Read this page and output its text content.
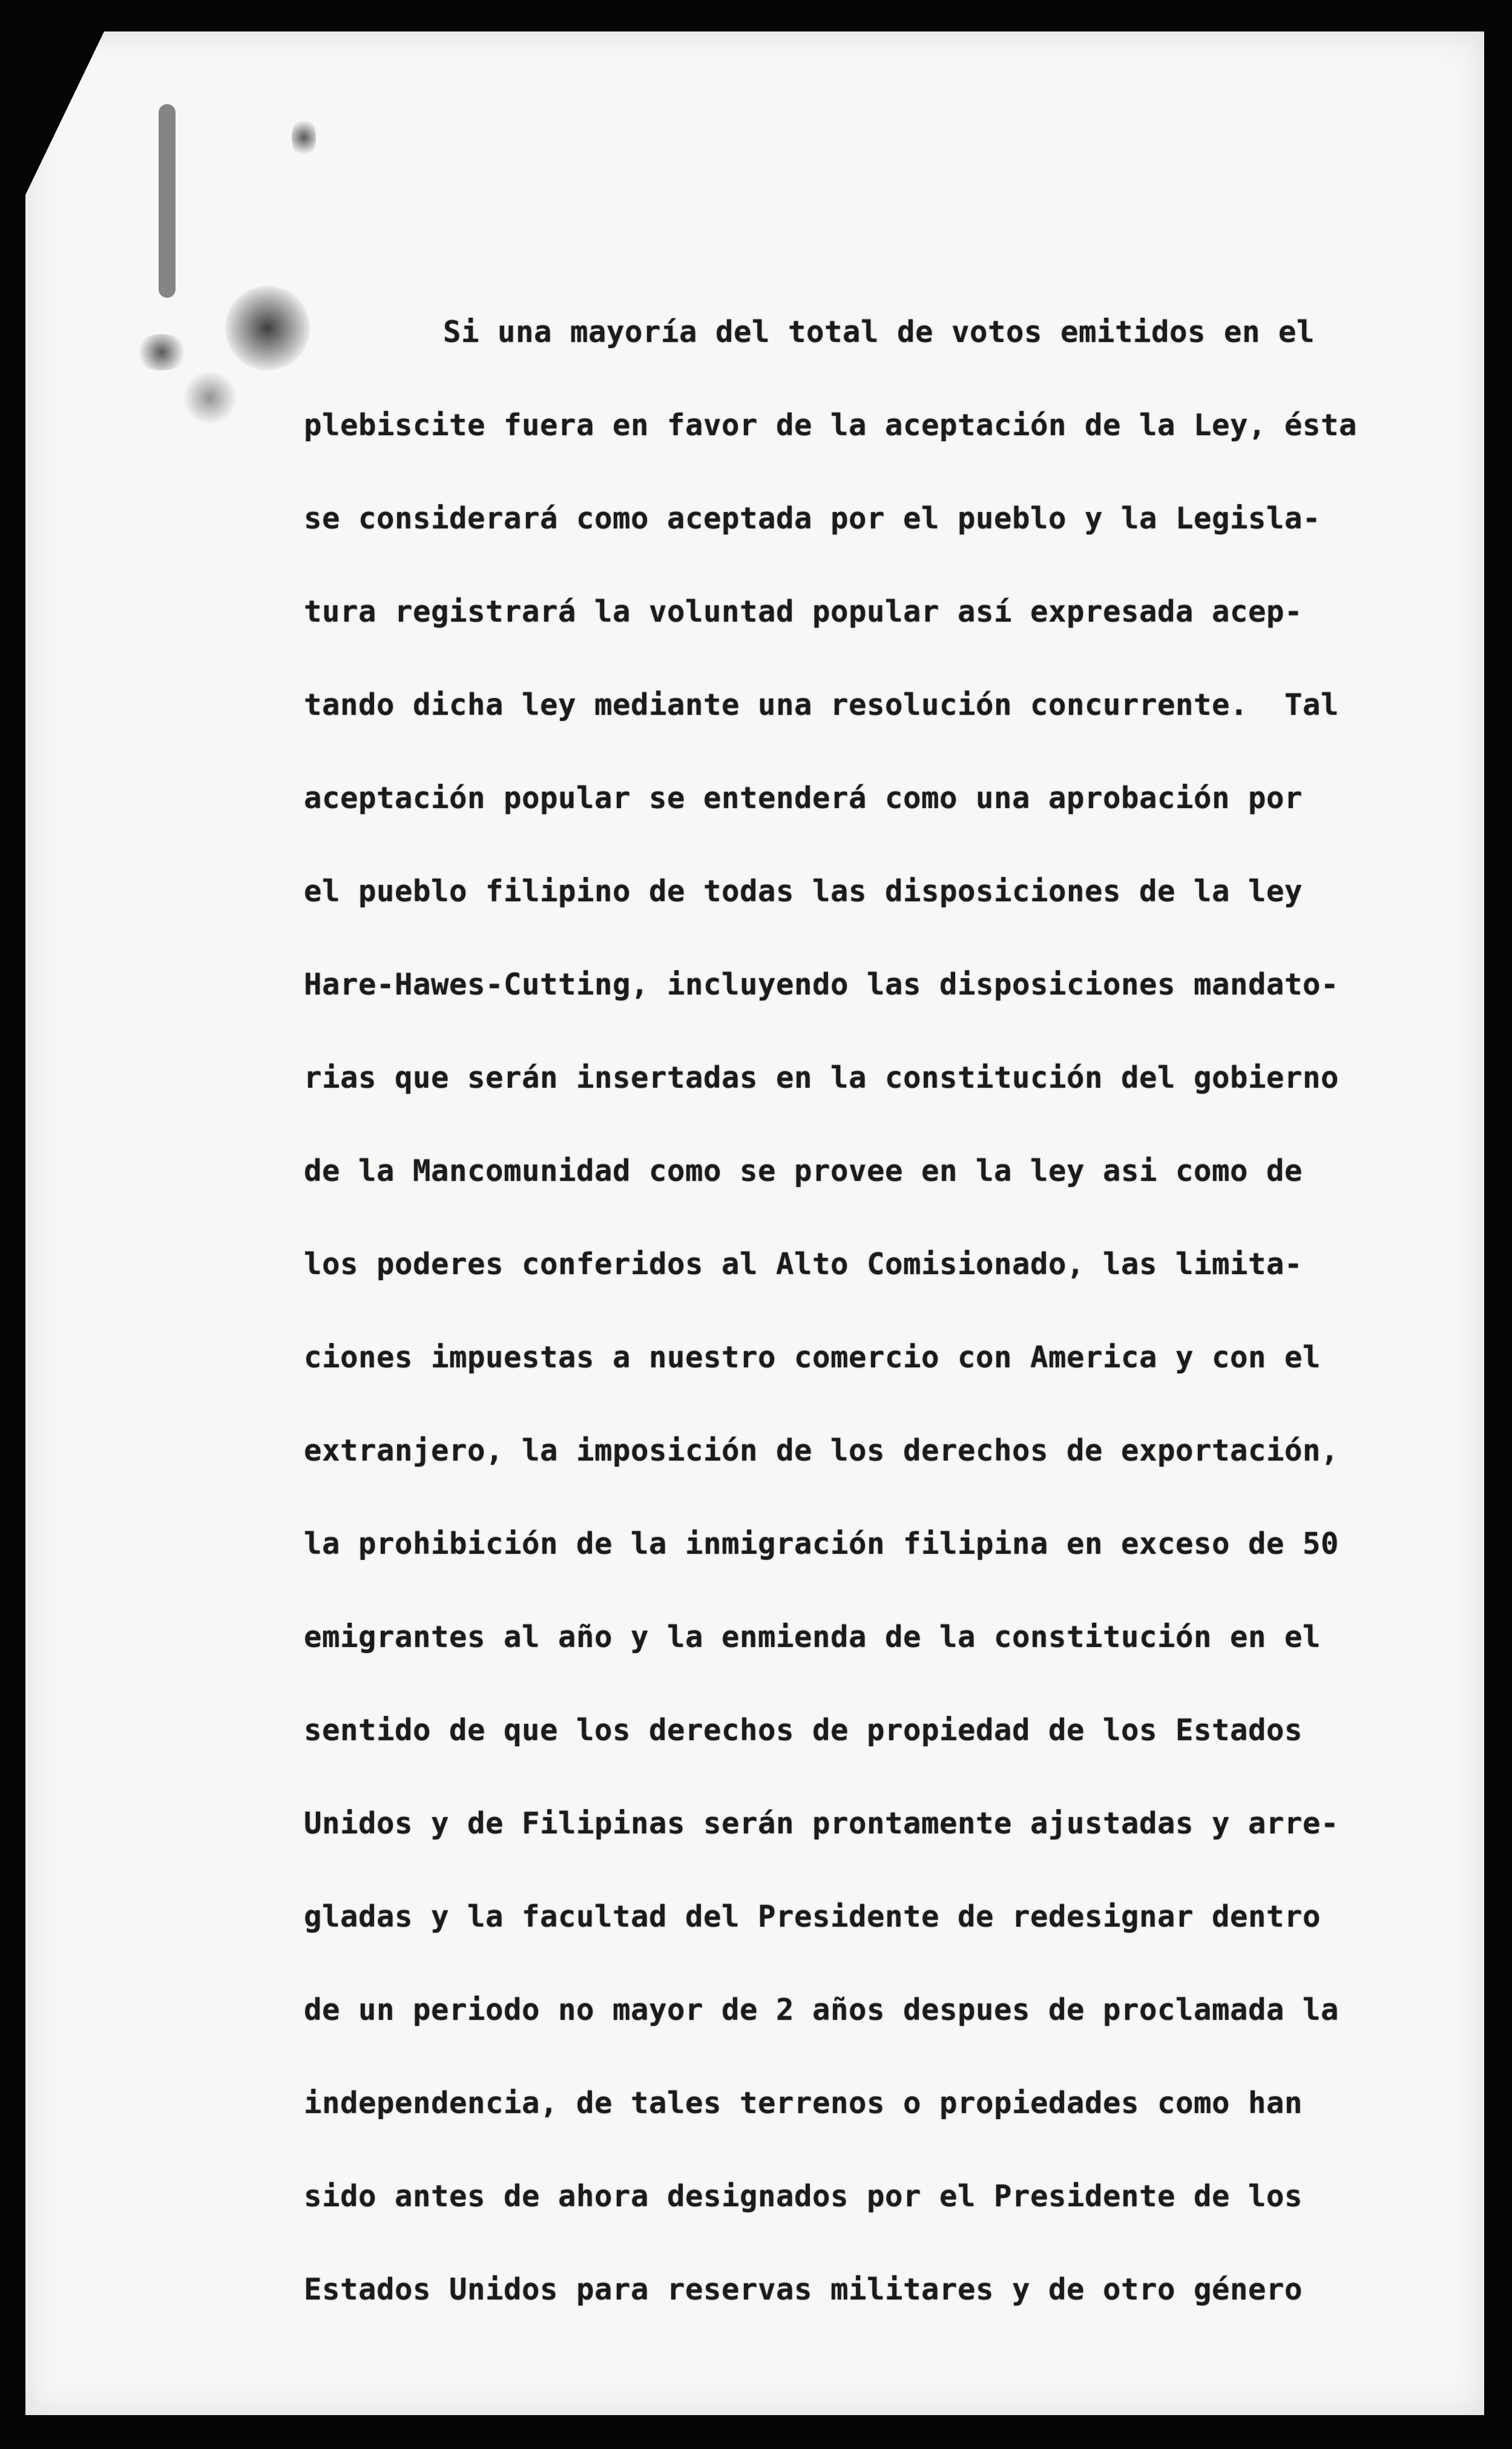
Si una mayoría del total de votos emitidos en el
plebiscite fuera en favor de la aceptación de la Ley, ésta
se considerará como aceptada por el pueblo y la Legisla-
tura registrará la voluntad popular así expresada acep-
tando dicha ley mediante una resolución concurrente.  Tal
aceptación popular se entenderá como una aprobación por
el pueblo filipino de todas las disposiciones de la ley
Hare-Hawes-Cutting, incluyendo las disposiciones mandato-
rias que serán insertadas en la constitución del gobierno
de la Mancomunidad como se provee en la ley asi como de
los poderes conferidos al Alto Comisionado, las limita-
ciones impuestas a nuestro comercio con America y con el
extranjero, la imposición de los derechos de exportación,
la prohibición de la inmigración filipina en exceso de 50
emigrantes al año y la enmienda de la constitución en el
sentido de que los derechos de propiedad de los Estados
Unidos y de Filipinas serán prontamente ajustadas y arre-
gladas y la facultad del Presidente de redesignar dentro
de un periodo no mayor de 2 años despues de proclamada la
independencia, de tales terrenos o propiedades como han
sido antes de ahora designados por el Presidente de los
Estados Unidos para reservas militares y de otro género
